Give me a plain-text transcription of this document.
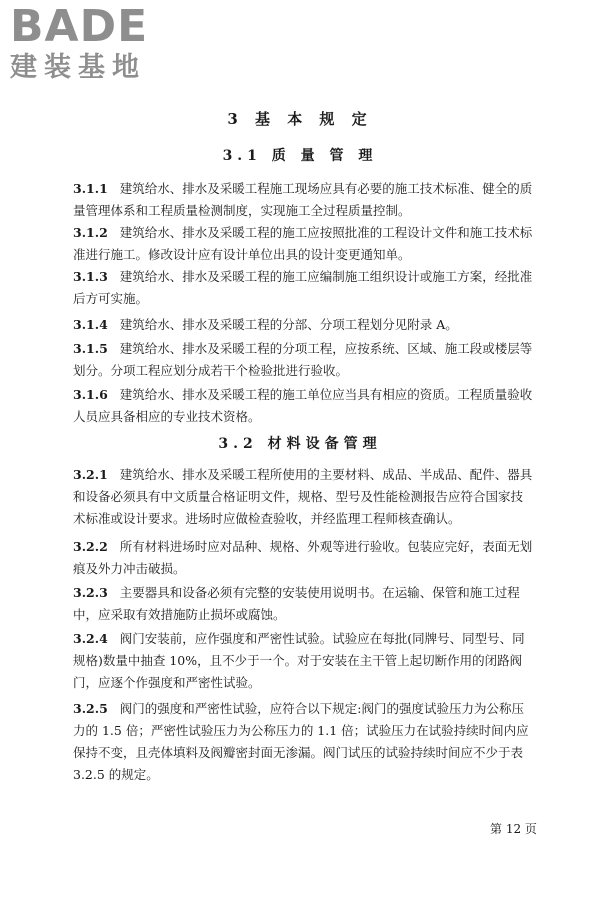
BADE
建装基地
3 基 本 规 定
3.1 质 量 管 理
3.1.1 建筑给水、排水及采暖工程施工现场应具有必要的施工技术标准、健全的质量管理体系和工程质量检测制度，实现施工全过程质量控制。
3.1.2 建筑给水、排水及采暖工程的施工应按照批准的工程设计文件和施工技术标准进行施工。修改设计应有设计单位出具的设计变更通知单。
3.1.3 建筑给水、排水及采暖工程的施工应编制施工组织设计或施工方案，经批准后方可实施。
3.1.4 建筑给水、排水及采暖工程的分部、分项工程划分见附录 A。
3.1.5 建筑给水、排水及采暖工程的分项工程，应按系统、区域、施工段或楼层等划分。分项工程应划分成若干个检验批进行验收。
3.1.6 建筑给水、排水及采暖工程的施工单位应当具有相应的资质。工程质量验收人员应具备相应的专业技术资格。
3.2 材料设备管理
3.2.1 建筑给水、排水及采暖工程所使用的主要材料、成品、半成品、配件、器具和设备必须具有中文质量合格证明文件，规格、型号及性能检测报告应符合国家技术标准或设计要求。进场时应做检查验收，并经监理工程师核查确认。
3.2.2 所有材料进场时应对品种、规格、外观等进行验收。包装应完好，表面无划痕及外力冲击破损。
3.2.3 主要器具和设备必须有完整的安装使用说明书。在运输、保管和施工过程中，应采取有效措施防止损坏或腐蚀。
3.2.4 阀门安装前，应作强度和严密性试验。试验应在每批(同牌号、同型号、同规格)数量中抽查 10%，且不少于一个。对于安装在主干管上起切断作用的闭路阀门，应逐个作强度和严密性试验。
3.2.5 阀门的强度和严密性试验，应符合以下规定:阀门的强度试验压力为公称压力的 1.5 倍；严密性试验压力为公称压力的 1.1 倍；试验压力在试验持续时间内应保持不变，且壳体填料及阀瓣密封面无渗漏。阀门试压的试验持续时间应不少于表 3.2.5 的规定。
第 12 页
